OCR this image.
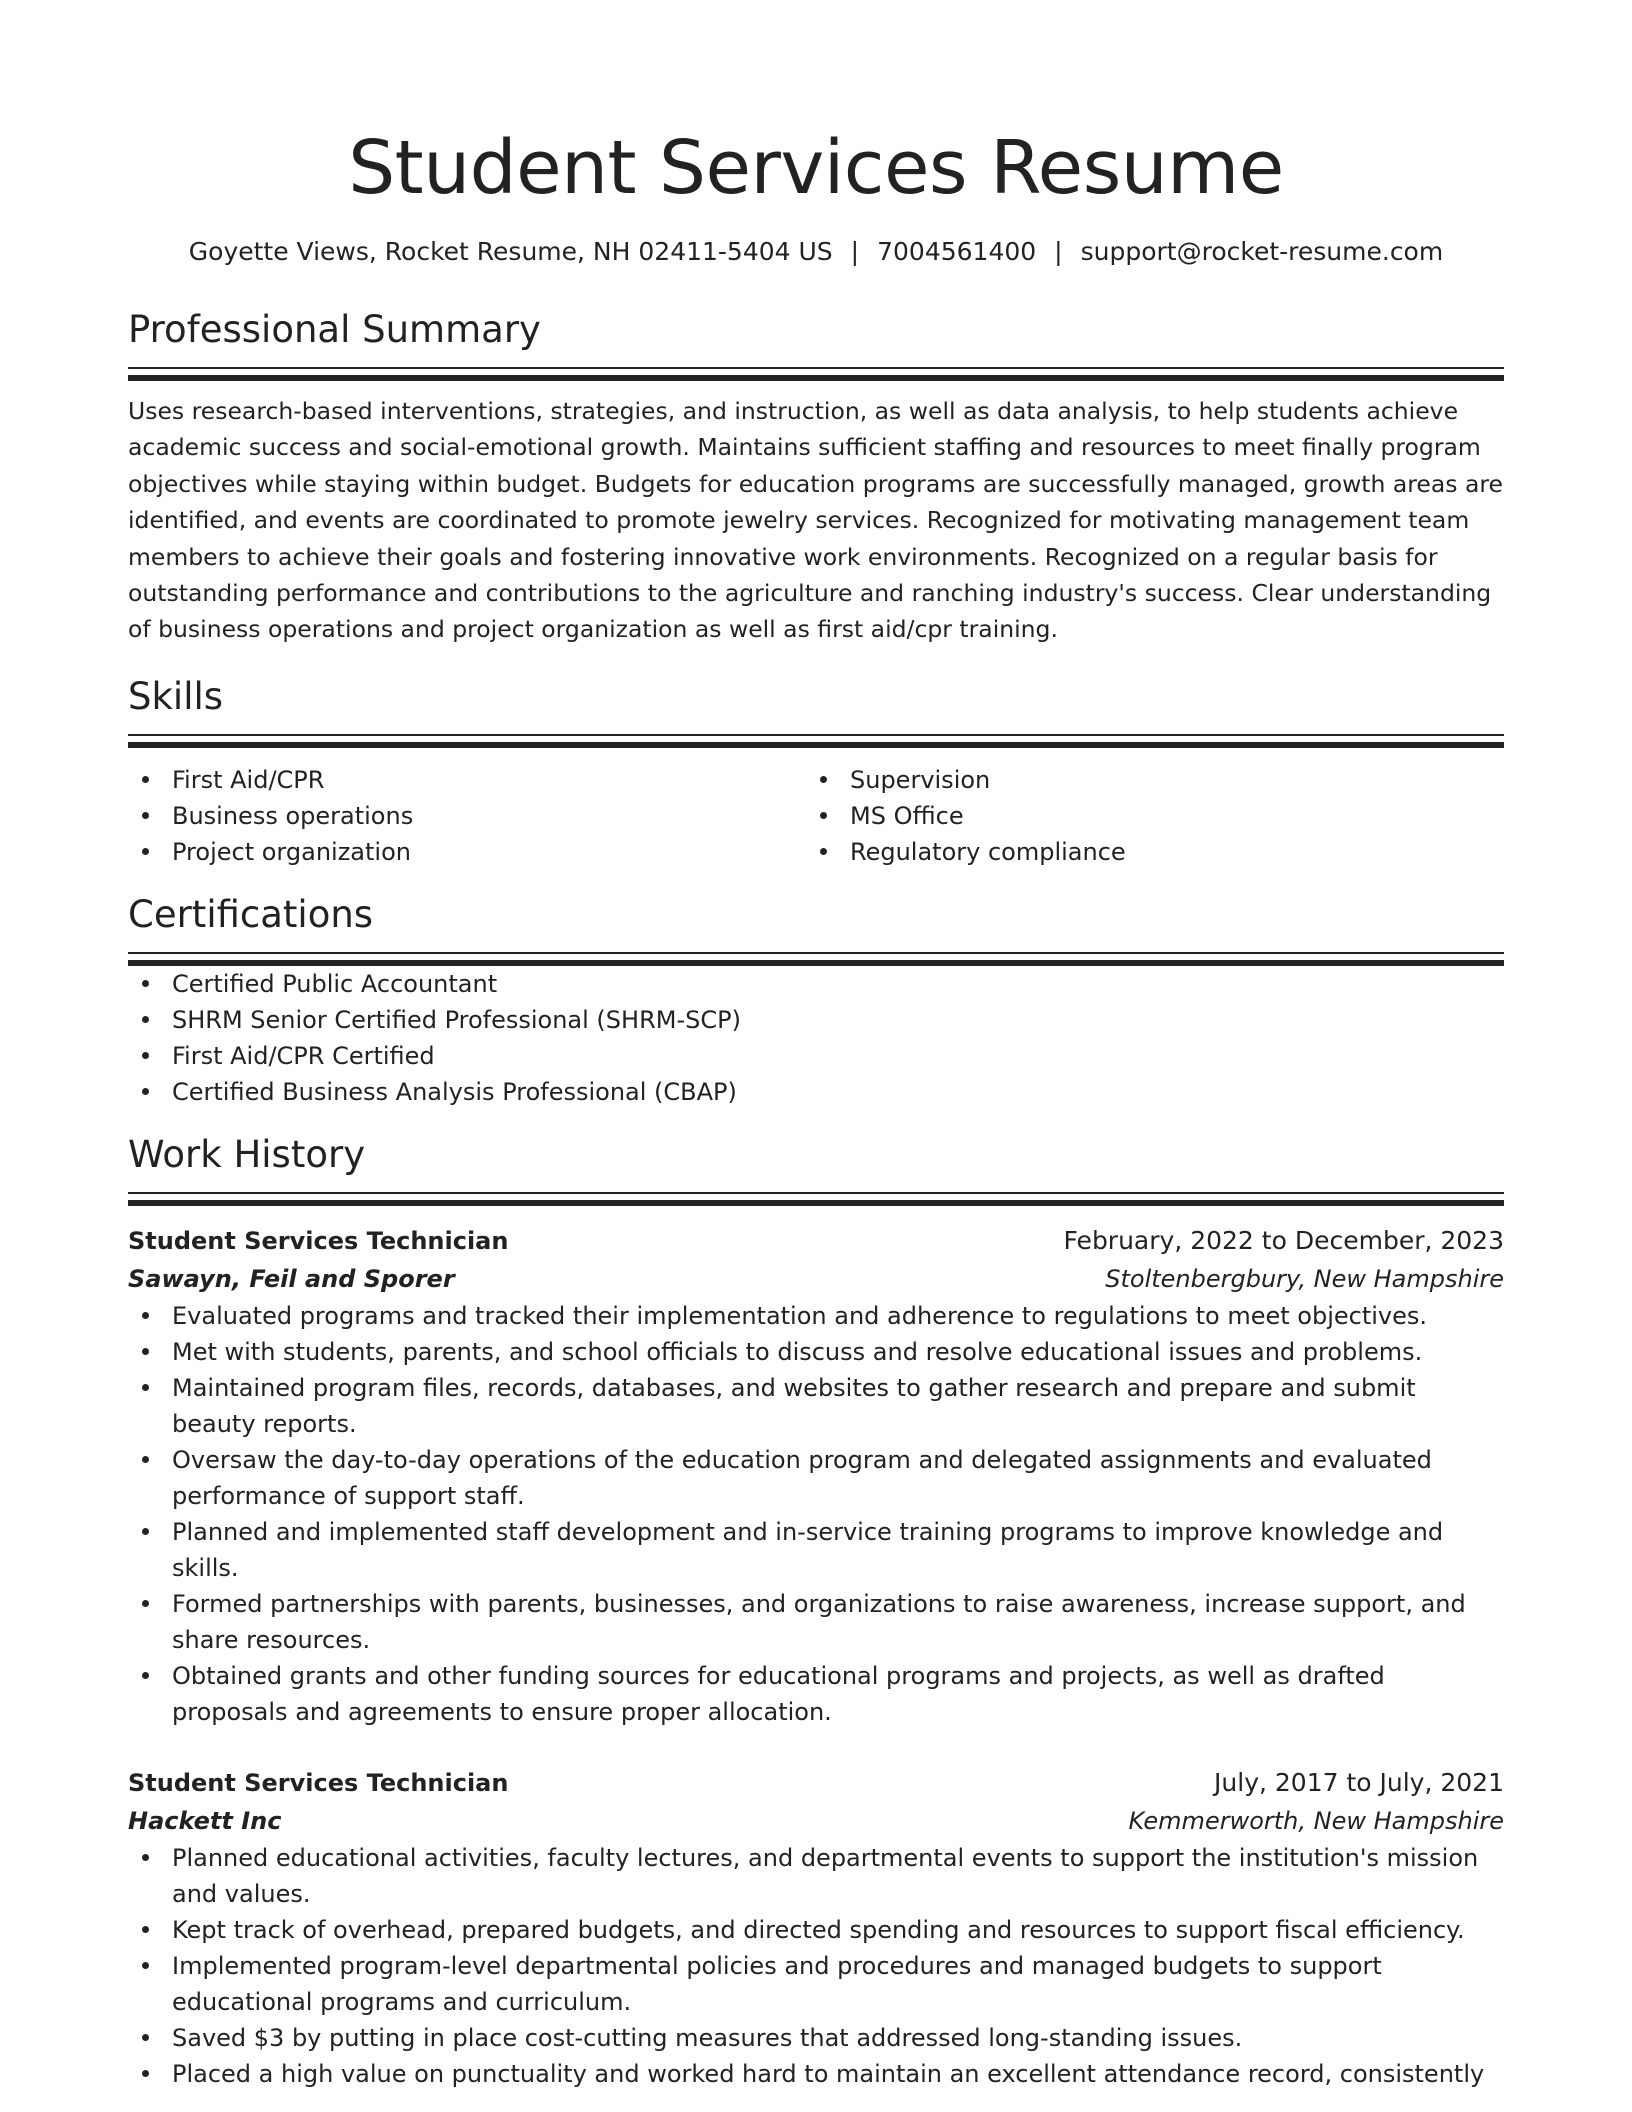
Student Services Resume
Goyette Views, Rocket Resume, NH 02411-5404 US | 7004561400 | support@rocket-resume.com
Professional Summary

Uses research-based interventions, strategies, and instruction, as well as data analysis, to help students achieve academic success and social-emotional growth. Maintains sufficient staffing and resources to meet finally program objectives while staying within budget. Budgets for education programs are successfully managed, growth areas are identified, and events are coordinated to promote jewelry services. Recognized for motivating management team members to achieve their goals and fostering innovative work environments. Recognized on a regular basis for outstanding performance and contributions to the agriculture and ranching industry's success. Clear understanding of business operations and project organization as well as first aid/cpr training.

Skills
First Aid/CPR
Business operations
Project organization
Supervision
MS Office
Regulatory compliance
Certifications
Certified Public Accountant
SHRM Senior Certified Professional (SHRM-SCP)
First Aid/CPR Certified
Certified Business Analysis Professional (CBAP)
Work History
Student Services Technician	February, 2022 to December, 2023
Sawayn, Feil and Sporer	Stoltenbergbury, New Hampshire
Evaluated programs and tracked their implementation and adherence to regulations to meet objectives.
Met with students, parents, and school officials to discuss and resolve educational issues and problems.
Maintained program files, records, databases, and websites to gather research and prepare and submit beauty reports.
Oversaw the day-to-day operations of the education program and delegated assignments and evaluated performance of support staff.
Planned and implemented staff development and in-service training programs to improve knowledge and skills.
Formed partnerships with parents, businesses, and organizations to raise awareness, increase support, and share resources.
Obtained grants and other funding sources for educational programs and projects, as well as drafted proposals and agreements to ensure proper allocation.
Student Services Technician	July, 2017 to July, 2021
Hackett Inc	Kemmerworth, New Hampshire
Planned educational activities, faculty lectures, and departmental events to support the institution's mission and values.
Kept track of overhead, prepared budgets, and directed spending and resources to support fiscal efficiency.
Implemented program-level departmental policies and procedures and managed budgets to support educational programs and curriculum.
Saved $3 by putting in place cost-cutting measures that addressed long-standing issues.
Placed a high value on punctuality and worked hard to maintain an excellent attendance record, consistently
